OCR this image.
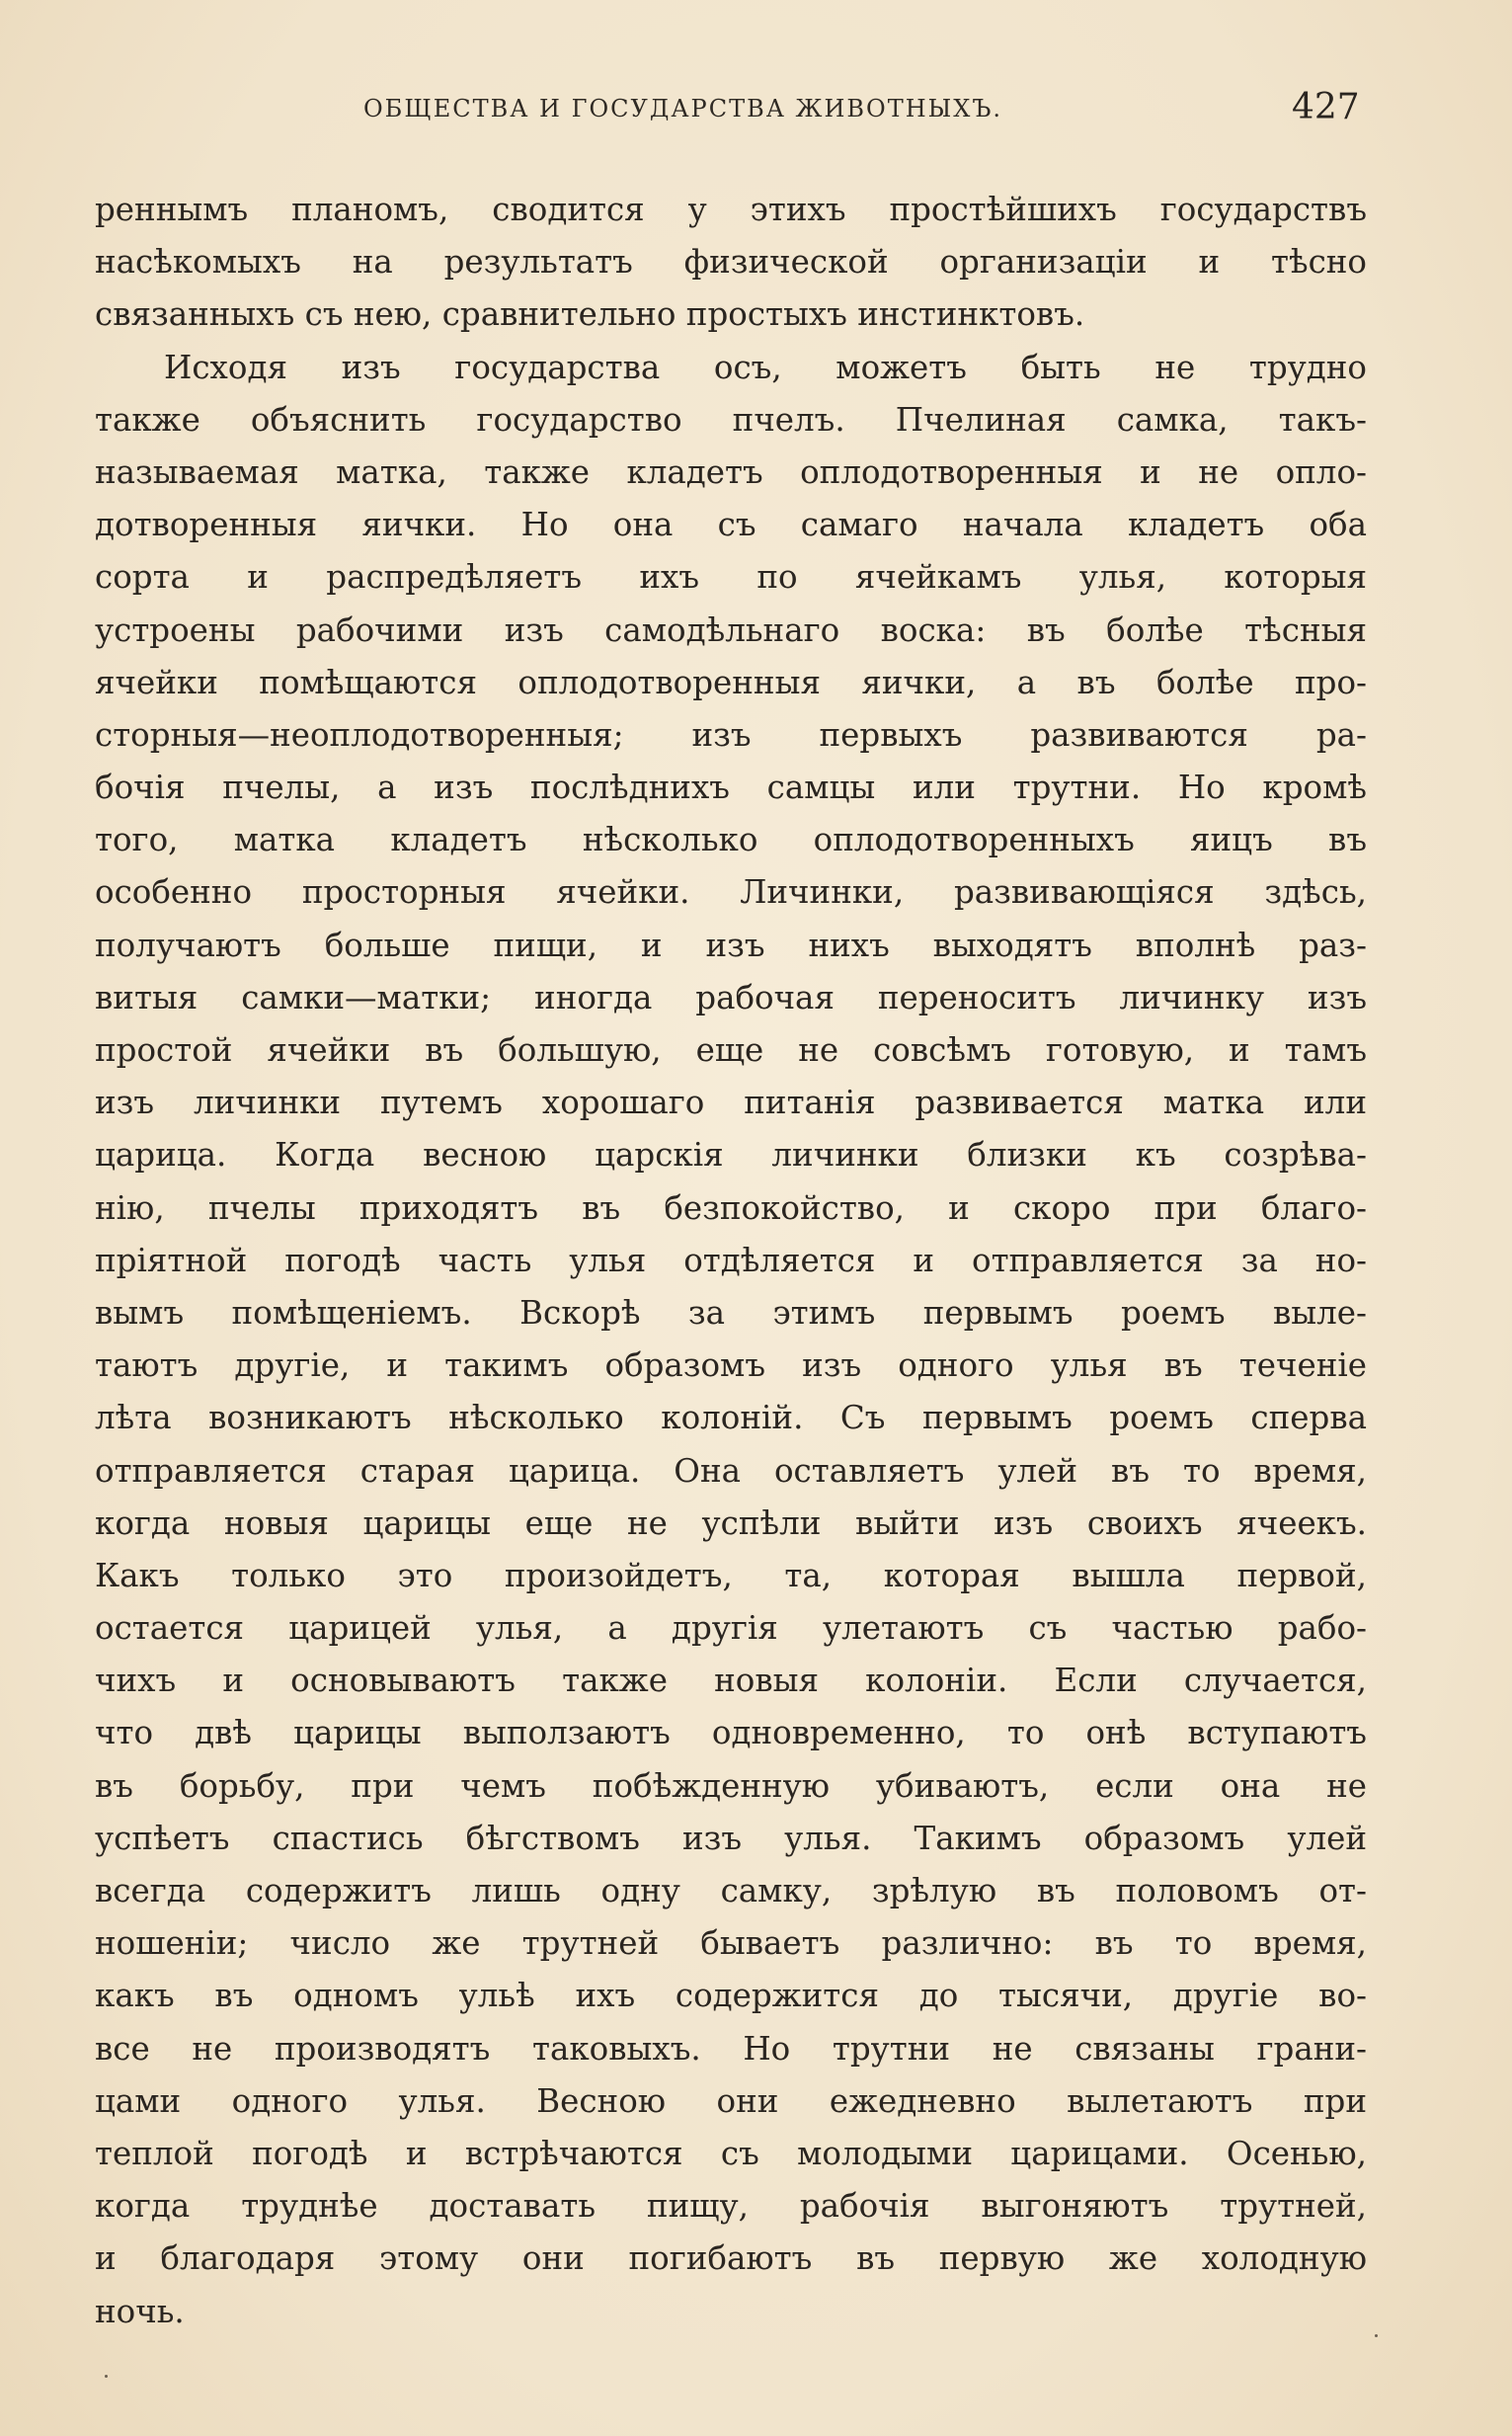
ОБЩЕСТВА И ГОСУДАРСТВА ЖИВОТНЫХЪ.	427
реннымъ планомъ, сводится у этихъ простѣйшихъ государствъ
насѣкомыхъ на результатъ физической организаціи и тѣсно
связанныхъ съ нею, сравнительно простыхъ инстинктовъ.
Исходя изъ государства осъ, можетъ быть не трудно
также объяснить государство пчелъ. Пчелиная самка, такъ-
называемая матка, также кладетъ оплодотворенныя и не оплo-
дотворенныя яички. Но она съ самаго начала кладетъ оба
сорта и распредѣляетъ ихъ по ячейкамъ улья, которыя
устроены рабочими изъ самодѣльнаго воска: въ болѣе тѣсныя
ячейки помѣщаются оплодотворенныя яички, а въ болѣе про-
сторныя—неоплодотворенныя; изъ первыхъ развиваются ра-
бочія пчелы, а изъ послѣднихъ самцы или трутни. Но кромѣ
того, матка кладетъ нѣсколько оплодотворенныхъ яицъ въ
особенно просторныя ячейки. Личинки, развивающіяся здѣсь,
получаютъ больше пищи, и изъ нихъ выходятъ вполнѣ раз-
витыя самки—матки; иногда рабочая переноситъ личинку изъ
простой ячейки въ большую, еще не совсѣмъ готовую, и тамъ
изъ личинки путемъ хорошаго питанія развивается матка или
царица. Когда весною царскія личинки близки къ созрѣва-
нію, пчелы приходятъ въ безпокойство, и скоро при благо-
пріятной погодѣ часть улья отдѣляется и отправляется за но-
вымъ помѣщеніемъ. Вскорѣ за этимъ первымъ роемъ выле-
таютъ другіе, и такимъ образомъ изъ одного улья въ теченіе
лѣта возникаютъ нѣсколько колоній. Съ первымъ роемъ сперва
отправляется старая царица. Она оставляетъ улей въ то время,
когда новыя царицы еще не успѣли выйти изъ своихъ ячеекъ.
Какъ только это произойдетъ, та, которая вышла первой,
остается царицей улья, а другія улетаютъ съ частью рабо-
чихъ и основываютъ также новыя колоніи. Если случается,
что двѣ царицы выползаютъ одновременно, то онѣ вступаютъ
въ борьбу, при чемъ побѣжденную убиваютъ, если она не
успѣетъ спастись бѣгствомъ изъ улья. Такимъ образомъ улей
всегда содержитъ лишь одну самку, зрѣлую въ половомъ от-
ношеніи; число же трутней бываетъ различно: въ то время,
какъ въ одномъ ульѣ ихъ содержится до тысячи, другіе во-
все не производятъ таковыхъ. Но трутни не связаны грани-
цами одного улья. Весною они ежедневно вылетаютъ при
теплой погодѣ и встрѣчаются съ молодыми царицами. Осенью,
когда труднѣе доставать пищу, рабочія выгоняютъ трутней,
и благодаря этому они погибаютъ въ первую же холодную
ночь.
